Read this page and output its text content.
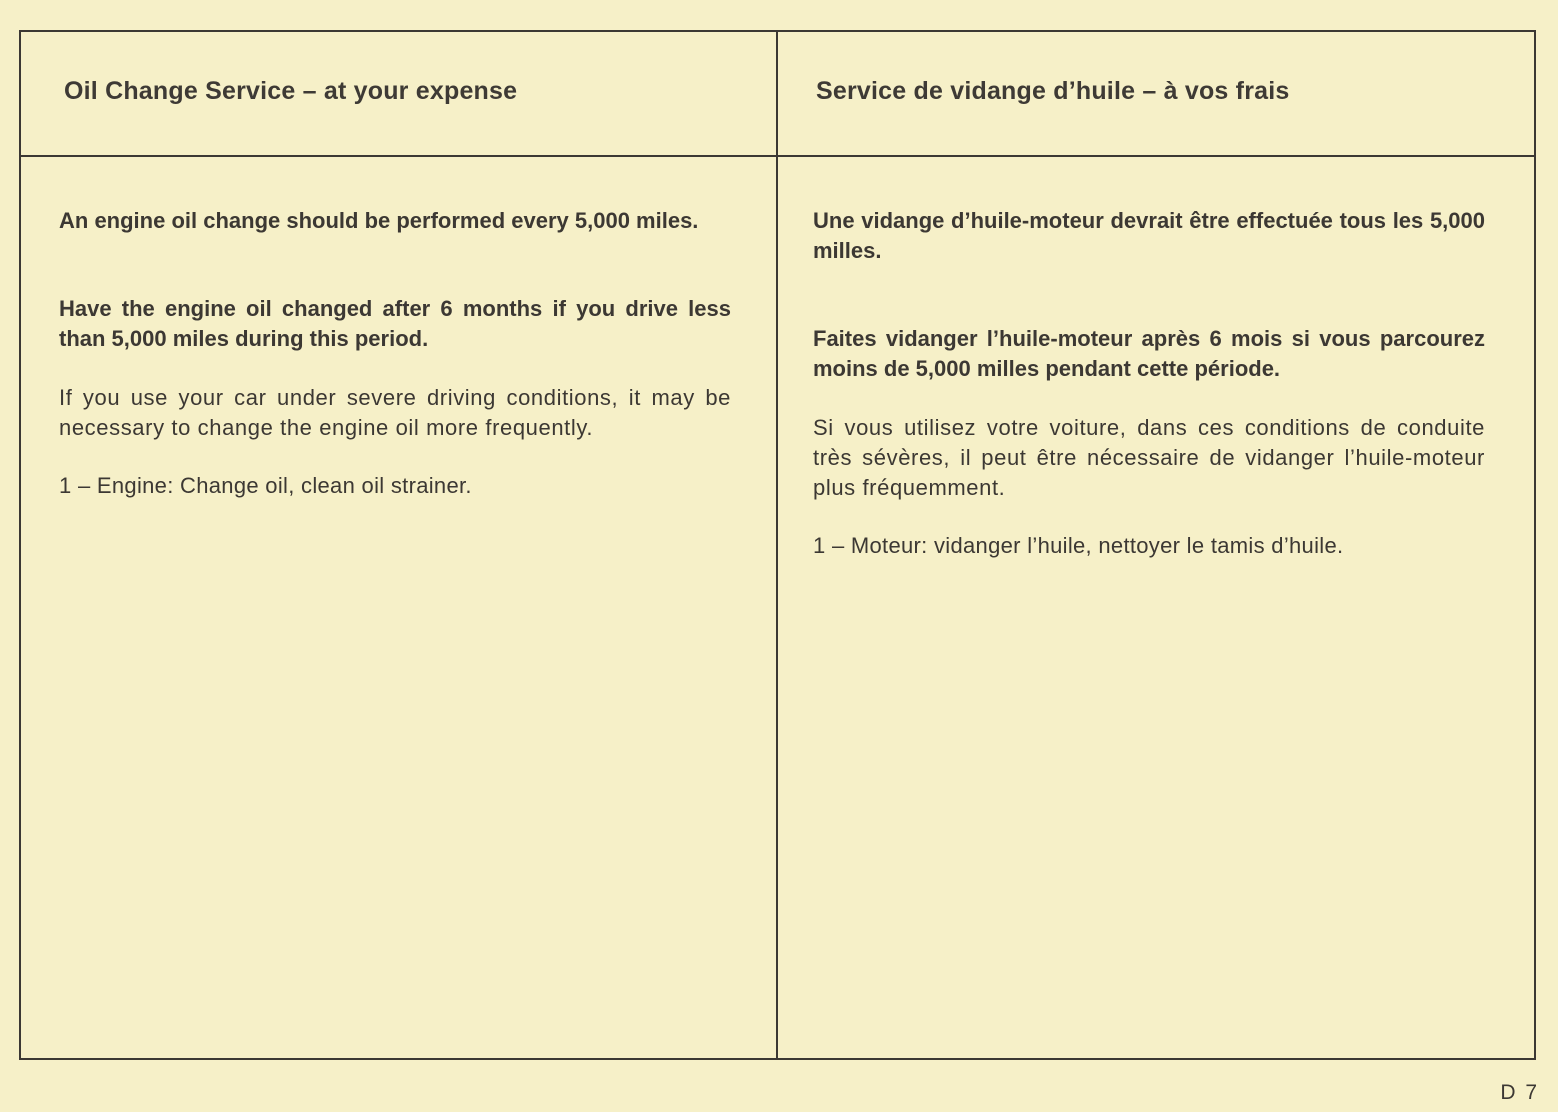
Oil Change Service – at your expense	Service de vidange d’huile – à vos frais

An engine oil change should be performed every 5,000 miles.

Have the engine oil changed after 6 months if you drive less than 5,000 miles during this period.

If you use your car under severe driving conditions, it may be necessary to change the engine oil more frequently.

1 – Engine: Change oil, clean oil strainer.

Une vidange d’huile-moteur devrait être effectuée tous les 5,000 milles.

Faites vidanger l’huile-moteur après 6 mois si vous parcourez moins de 5,000 milles pendant cette période.

Si vous utilisez votre voiture, dans ces conditions de conduite très sévères, il peut être nécessaire de vidanger l’huile-moteur plus fréquemment.

1 – Moteur: vidanger l’huile, nettoyer le tamis d’huile.

D 7
